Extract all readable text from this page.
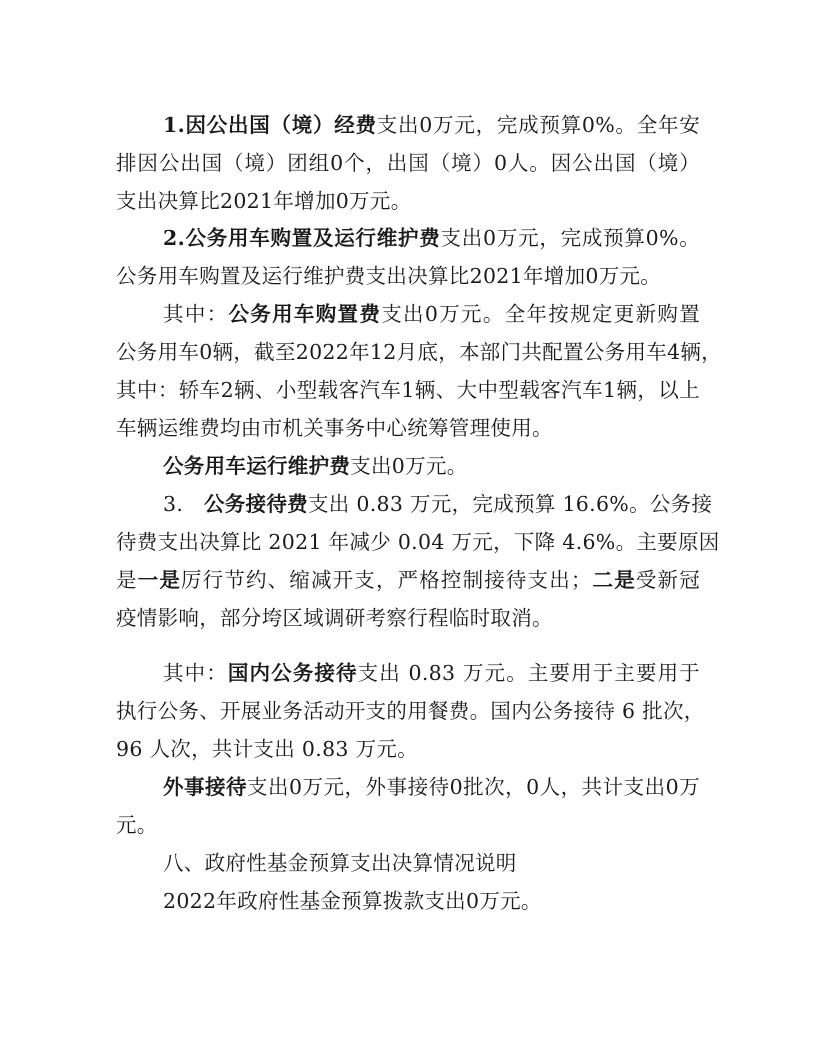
1.因公出国（境）经费支出0万元，完成预算0%。全年安
排因公出国（境）团组0个，出国（境）0人。因公出国（境）
支出决算比2021年增加0万元。
2.公务用车购置及运行维护费支出0万元，完成预算0%。
公务用车购置及运行维护费支出决算比2021年增加0万元。
其中：公务用车购置费支出0万元。全年按规定更新购置
公务用车0辆，截至2022年12月底，本部门共配置公务用车4辆，
其中：轿车2辆、小型载客汽车1辆、大中型载客汽车1辆，以上
车辆运维费均由市机关事务中心统筹管理使用。
公务用车运行维护费支出0万元。
3.　公务接待费支出 0.83 万元，完成预算 16.6%。公务接
待费支出决算比 2021 年减少 0.04 万元，下降 4.6%。主要原因
是一是厉行节约、缩减开支，严格控制接待支出；二是受新冠
疫情影响，部分垮区域调研考察行程临时取消。
其中：国内公务接待支出 0.83 万元。主要用于主要用于
执行公务、开展业务活动开支的用餐费。国内公务接待 6 批次，
96 人次，共计支出 0.83 万元。
外事接待支出0万元，外事接待0批次，0人，共计支出0万
元。
八、政府性基金预算支出决算情况说明
2022年政府性基金预算拨款支出0万元。
